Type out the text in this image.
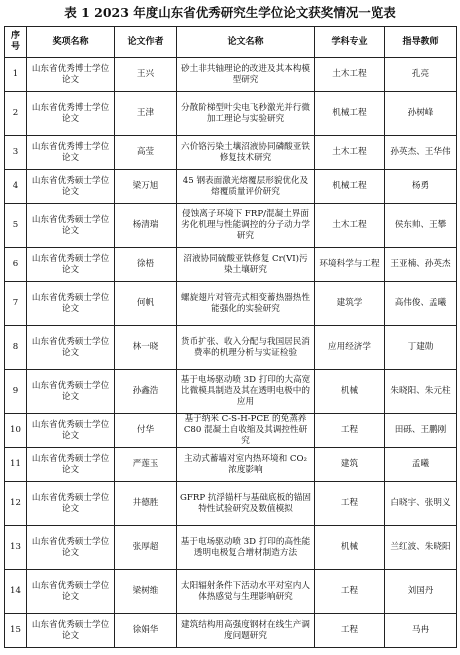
表 1 2023 年度山东省优秀研究生学位论文获奖情况一览表
序号	奖项名称	论文作者	论文名称	学科专业	指导教师
1	山东省优秀博士学位论文	王兴	砂土非共轴理论的改进及其本构模型研究	土木工程	孔亮
2	山东省优秀博士学位论文	王津	分散阶梯型叶尖电飞秒激光并行微加工理论与实验研究	机械工程	孙树峰
3	山东省优秀博士学位论文	高莹	六价铬污染土壤沼液协同磷酸亚铁修复技术研究	土木工程	孙英杰、王华伟
4	山东省优秀硕士学位论文	梁万旭	45 钢表面激光熔覆层形貌优化及熔覆质量评价研究	机械工程	杨勇
5	山东省优秀硕士学位论文	杨清瑞	侵蚀离子环境下 FRP/混凝土界面劣化机理与性能调控的分子动力学研究	土木工程	侯东帅、王攀
6	山东省优秀硕士学位论文	徐梧	沼液协同硫酸亚铁修复 Cr(VI)污染土壤研究	环境科学与工程	王亚楠、孙英杰
7	山东省优秀硕士学位论文	何帆	螺旋翅片对管壳式相变蓄热器热性能强化的实验研究	建筑学	高伟俊、孟曦
8	山东省优秀硕士学位论文	林一晓	货币扩张、收入分配与我国居民消费率的机理分析与实证检验	应用经济学	丁建勋
9	山东省优秀硕士学位论文	孙鑫浩	基于电场驱动喷 3D 打印的大高宽比微模具制造及其在透明电极中的应用	机械	朱晓阳、朱元柱
10	山东省优秀硕士学位论文	付华	基于纳米 C-S-H-PCE 的免蒸养 C80 混凝土自收缩及其调控性研究	工程	田砾、王鹏刚
11	山东省优秀硕士学位论文	严莲玉	主动式蓄墙对室内热环境和 CO₂浓度影响	建筑	孟曦
12	山东省优秀硕士学位论文	井德胜	GFRP 抗浮锚杆与基础底板的锚固特性试验研究及数值模拟	工程	白晓宇、张明义
13	山东省优秀硕士学位论文	张厚超	基于电场驱动喷 3D 打印的高性能透明电极复合增材制造方法	机械	兰红波、朱晓阳
14	山东省优秀硕士学位论文	梁树维	太阳辐射条件下活动水平对室内人体热感觉与生理影响研究	工程	刘国丹
15	山东省优秀硕士学位论文	徐娟华	建筑结构用高强度钢材在线生产调度问题研究	工程	马冉
